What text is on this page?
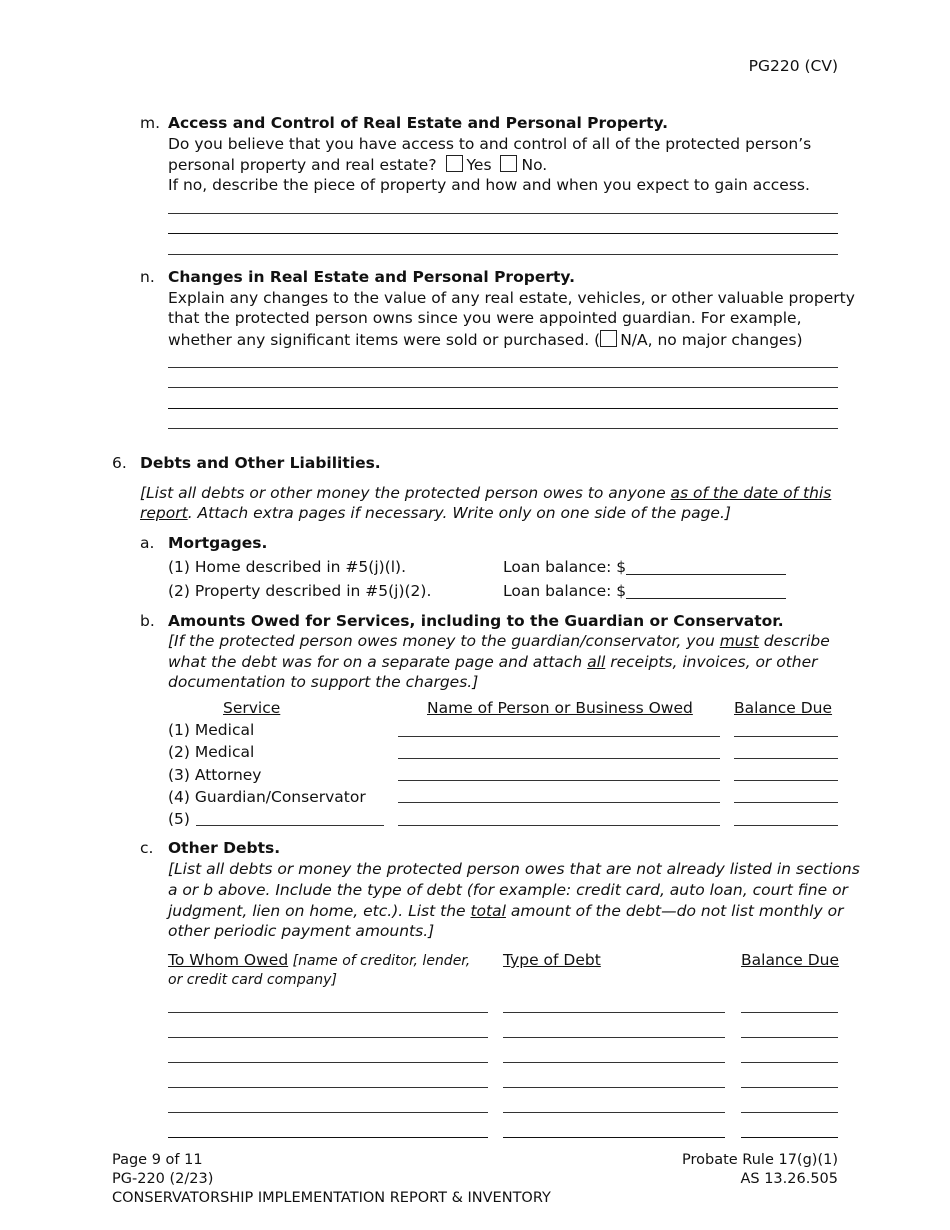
PG220 (CV)
m. Access and Control of Real Estate and Personal Property.
Do you believe that you have access to and control of all of the protected person’s
personal property and real estate? Yes No.
If no, describe the piece of property and how and when you expect to gain access.
n. Changes in Real Estate and Personal Property.
Explain any changes to the value of any real estate, vehicles, or other valuable property
that the protected person owns since you were appointed guardian. For example,
whether any significant items were sold or purchased. ( N/A, no major changes)
6. Debts and Other Liabilities.
[List all debts or other money the protected person owes to anyone as of the date of this
report. Attach extra pages if necessary. Write only on one side of the page.]
a. Mortgages.
(1) Home described in #5(j)(l).	Loan balance: $
(2) Property described in #5(j)(2).	Loan balance: $
b. Amounts Owed for Services, including to the Guardian or Conservator.
[If the protected person owes money to the guardian/conservator, you must describe
what the debt was for on a separate page and attach all receipts, invoices, or other
documentation to support the charges.]
Service	Name of Person or Business Owed	Balance Due
(1) Medical
(2) Medical
(3) Attorney
(4) Guardian/Conservator
(5)
c. Other Debts.
[List all debts or money the protected person owes that are not already listed in sections
a or b above. Include the type of debt (for example: credit card, auto loan, court fine or
judgment, lien on home, etc.). List the total amount of the debt—do not list monthly or
other periodic payment amounts.]
To Whom Owed [name of creditor, lender,
or credit card company]
Type of Debt	Balance Due
Page 9 of 11
PG-220 (2/23)
CONSERVATORSHIP IMPLEMENTATION REPORT & INVENTORY
Probate Rule 17(g)(1)
AS 13.26.505
